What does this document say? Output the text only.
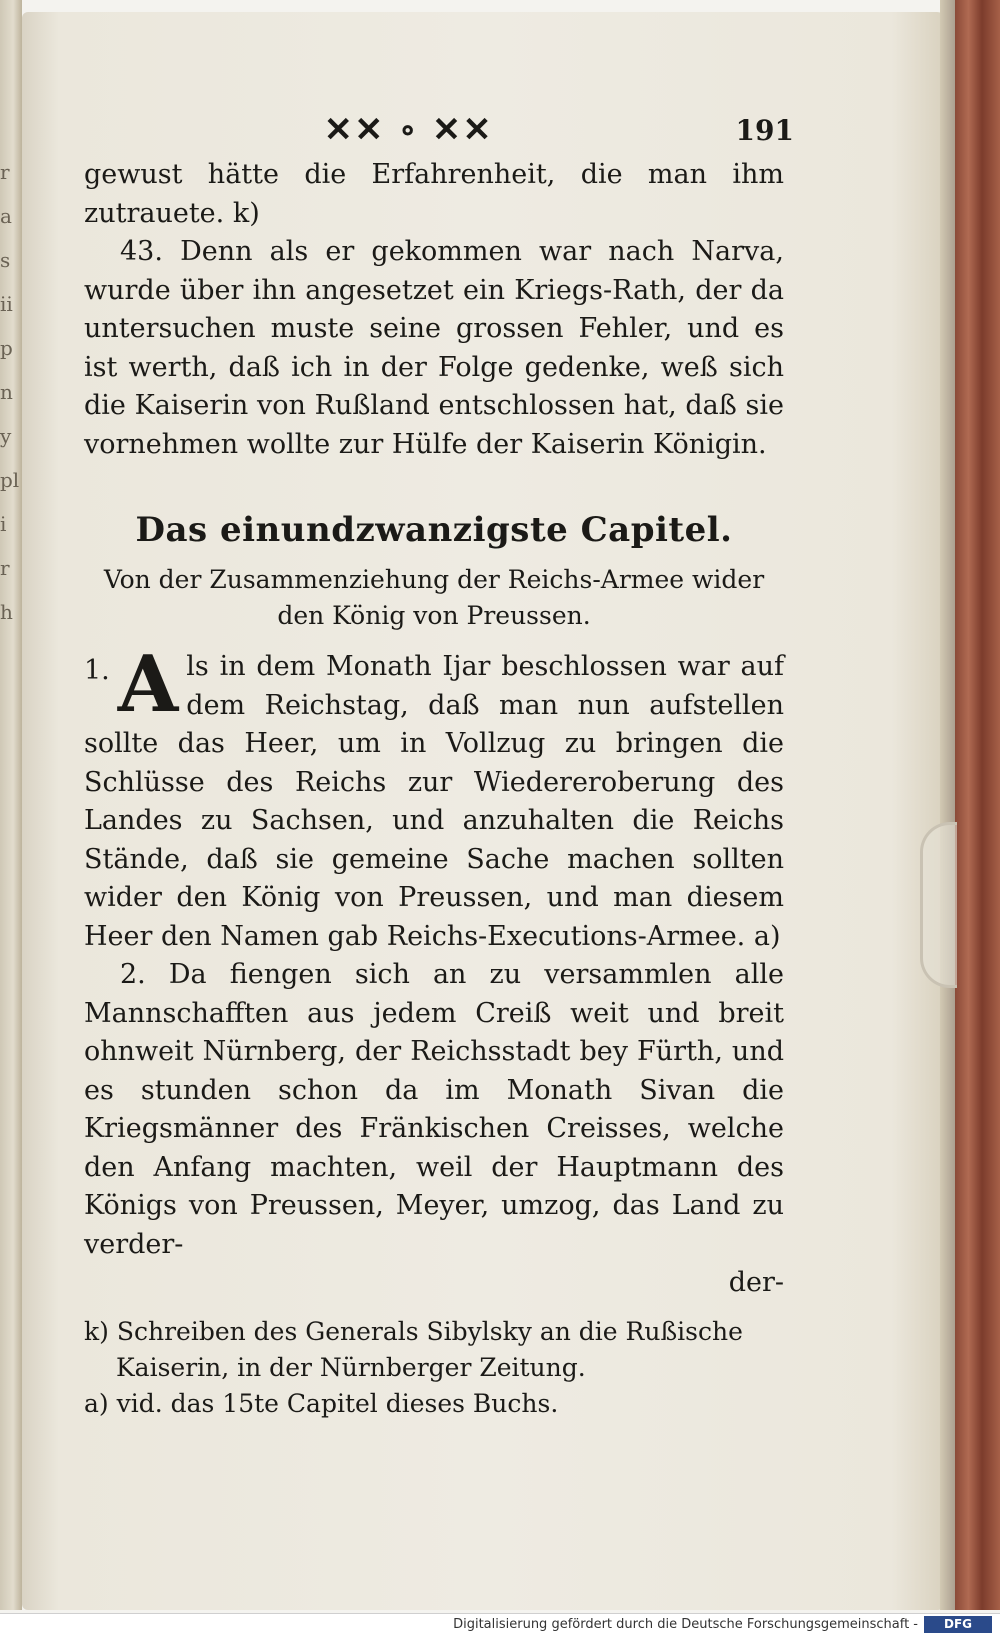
r
a
s
ii
p
n
y
pl
i
r
h
✕✕ ∘ ✕✕	191

gewust hätte die Erfahrenheit, die man ihm zutrauete. k)

43. Denn als er gekommen war nach Narva, wurde über ihn angesetzet ein Kriegs-Rath, der da untersuchen muste seine grossen Fehler, und es ist werth, daß ich in der Folge gedenke, weß sich die Kaiserin von Rußland entschlossen hat, daß sie vornehmen wollte zur Hülfe der Kaiserin Königin.

Das einundzwanzigste Capitel.
Von der Zusammenziehung der Reichs-Armee wider den König von Preussen.

1. A ls in dem Monath Ijar beschlossen war auf dem Reichstag, daß man nun aufstellen sollte das Heer, um in Vollzug zu bringen die Schlüsse des Reichs zur Wiedereroberung des Landes zu Sachsen, und anzuhalten die Reichs Stände, daß sie gemeine Sache machen sollten wider den König von Preussen, und man diesem Heer den Namen gab Reichs-Executions-Armee. a)

2. Da fiengen sich an zu versammlen alle Mannschafften aus jedem Creiß weit und breit ohnweit Nürnberg, der Reichsstadt bey Fürth, und es stunden schon da im Monath Sivan die Kriegsmänner des Fränkischen Creisses, welche den Anfang machten, weil der Hauptmann des Königs von Preussen, Meyer, umzog, das Land zu verder-

der-

k) Schreiben des Generals Sibylsky an die Rußische Kaiserin, in der Nürnberger Zeitung.

a) vid. das 15te Capitel dieses Buchs.

Digitalisierung gefördert durch die Deutsche Forschungsgemeinschaft -	DFG
